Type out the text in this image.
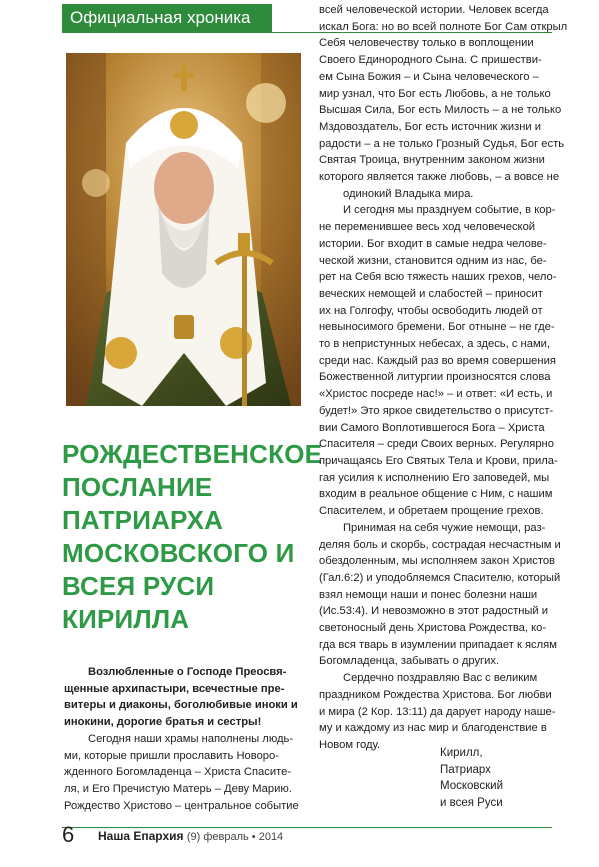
Официальная хроника
РОЖДЕСТВЕНСКОЕ
ПОСЛАНИЕ
ПАТРИАРХА
МОСКОВСКОГО И
ВСЕЯ РУСИ
КИРИЛЛА

Возлюбленные о Господе Преосвя-
щенные архипастыри, всечестные пре-
витеры и диаконы, боголюбивые иноки и
инокини, дорогие братья и сестры!

Сегодня наши храмы наполнены людь-
ми, которые пришли прославить Новоро-
жденного Богомладенца – Христа Спасите-
ля, и Его Пречистую Матерь – Деву Марию.
Рождество Христово – центральное событие

всей человеческой истории. Человек всегда
искал Бога: но во всей полноте Бог Сам открыл
Себя человечеству только в воплощении
Своего Единородного Сына. С пришестви-
ем Сына Божия – и Сына человеческого –
мир узнал, что Бог есть Любовь, а не только
Высшая Сила, Бог есть Милость – а не только
Мздовоздатель, Бог есть источник жизни и
радости – а не только Грозный Судья, Бог есть
Святая Троица, внутренним законом жизни
которого является также любовь, – а вовсе не
одинокий Владыка мира.

И сегодня мы празднуем событие, в кор-
не переменившее весь ход человеческой
истории. Бог входит в самые недра челове-
ческой жизни, становится одним из нас, бе-
рет на Себя всю тяжесть наших грехов, чело-
веческих немощей и слабостей – приносит
их на Голгофу, чтобы освободить людей от
невыносимого бремени. Бог отныне – не где-
то в непристунных небесах, а здесь, с нами,
среди нас. Каждый раз во время совершения
Божественной литургии произносятся слова
«Христос посреде нас!» – и ответ: «И есть, и
будет!» Это яркое свидетельство о присутст-
вии Самого Воплотившегося Бога – Христа
Спасителя – среди Своих верных. Регулярно
причащаясь Его Святых Тела и Крови, прила-
гая усилия к исполнению Его заповедей, мы
входим в реальное общение с Ним, с нашим
Спасителем, и обретаем прощение грехов.

Принимая на себя чужие немощи, раз-
деляя боль и скорбь, сострадая несчастным и
обездоленным, мы исполняем закон Христов
(Гал.6:2) и уподобляемся Спасителю, который
взял немощи наши и понес болезни наши
(Ис.53:4). И невозможно в этот радостный и
светоносный день Христова Рождества, ко-
гда вся тварь в изумлении припадает к яслям
Богомладенца, забывать о других.

Сердечно поздравляю Вас с великим
праздником Рождества Христова. Бог любви
и мира (2 Кор. 13:11) да дарует народу наше-
му и каждому из нас мир и благоденствие в
Новом году.

Кирилл,
Патриарх
Московский
и всея Руси
6 Наша Епархия (9) февраль • 2014
